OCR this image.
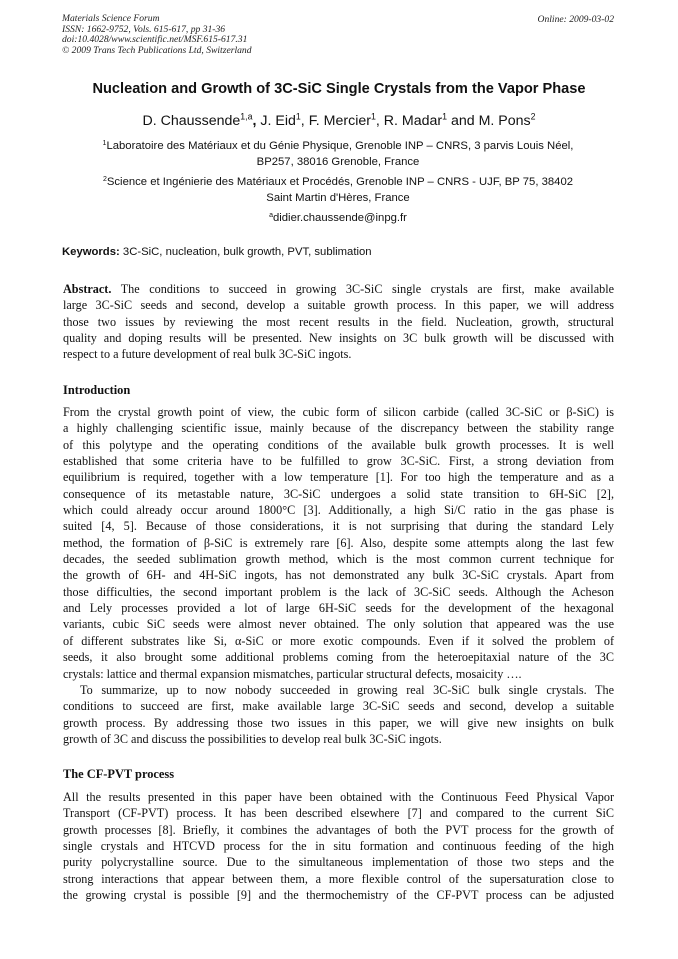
Materials Science Forum
ISSN: 1662-9752, Vols. 615-617, pp 31-36
doi:10.4028/www.scientific.net/MSF.615-617.31
© 2009 Trans Tech Publications Ltd, Switzerland
Online: 2009-03-02
Nucleation and Growth of 3C-SiC Single Crystals from the Vapor Phase
D. Chaussende$^{1,a}$, J. Eid$^1$, F. Mercier$^1$, R. Madar$^1$ and M. Pons$^2$
$^1$Laboratoire des Matériaux et du Génie Physique, Grenoble INP – CNRS, 3 parvis Louis Néel,
BP257, 38016 Grenoble, France
$^2$Science et Ingénierie des Matériaux et Procédés, Grenoble INP – CNRS - UJF, BP 75, 38402
Saint Martin d'Hères, France
$^a$didier.chaussende@inpg.fr
Keywords: 3C-SiC, nucleation, bulk growth, PVT, sublimation
Abstract. The conditions to succeed in growing 3C-SiC single crystals are first, make available
large 3C-SiC seeds and second, develop a suitable growth process. In this paper, we will address
those two issues by reviewing the most recent results in the field. Nucleation, growth, structural
quality and doping results will be presented. New insights on 3C bulk growth will be discussed with
respect to a future development of real bulk 3C-SiC ingots.
Introduction
From the crystal growth point of view, the cubic form of silicon carbide (called 3C-SiC or β-SiC) is
a highly challenging scientific issue, mainly because of the discrepancy between the stability range
of this polytype and the operating conditions of the available bulk growth processes. It is well
established that some criteria have to be fulfilled to grow 3C-SiC. First, a strong deviation from
equilibrium is required, together with a low temperature [1]. For too high the temperature and as a
consequence of its metastable nature, 3C-SiC undergoes a solid state transition to 6H-SiC [2],
which could already occur around 1800°C [3]. Additionally, a high Si/C ratio in the gas phase is
suited [4, 5]. Because of those considerations, it is not surprising that during the standard Lely
method, the formation of β-SiC is extremely rare [6]. Also, despite some attempts along the last few
decades, the seeded sublimation growth method, which is the most common current technique for
the growth of 6H- and 4H-SiC ingots, has not demonstrated any bulk 3C-SiC crystals. Apart from
those difficulties, the second important problem is the lack of 3C-SiC seeds. Although the Acheson
and Lely processes provided a lot of large 6H-SiC seeds for the development of the hexagonal
variants, cubic SiC seeds were almost never obtained. The only solution that appeared was the use
of different substrates like Si, α-SiC or more exotic compounds. Even if it solved the problem of
seeds, it also brought some additional problems coming from the heteroepitaxial nature of the 3C
crystals: lattice and thermal expansion mismatches, particular structural defects, mosaicity ….
To summarize, up to now nobody succeeded in growing real 3C-SiC bulk single crystals. The
conditions to succeed are first, make available large 3C-SiC seeds and second, develop a suitable
growth process. By addressing those two issues in this paper, we will give new insights on bulk
growth of 3C and discuss the possibilities to develop real bulk 3C-SiC ingots.
The CF-PVT process
All the results presented in this paper have been obtained with the Continuous Feed Physical Vapor
Transport (CF-PVT) process. It has been described elsewhere [7] and compared to the current SiC
growth processes [8]. Briefly, it combines the advantages of both the PVT process for the growth of
single crystals and HTCVD process for the in situ formation and continuous feeding of the high
purity polycrystalline source. Due to the simultaneous implementation of those two steps and the
strong interactions that appear between them, a more flexible control of the supersaturation close to
the growing crystal is possible [9] and the thermochemistry of the CF-PVT process can be adjusted
